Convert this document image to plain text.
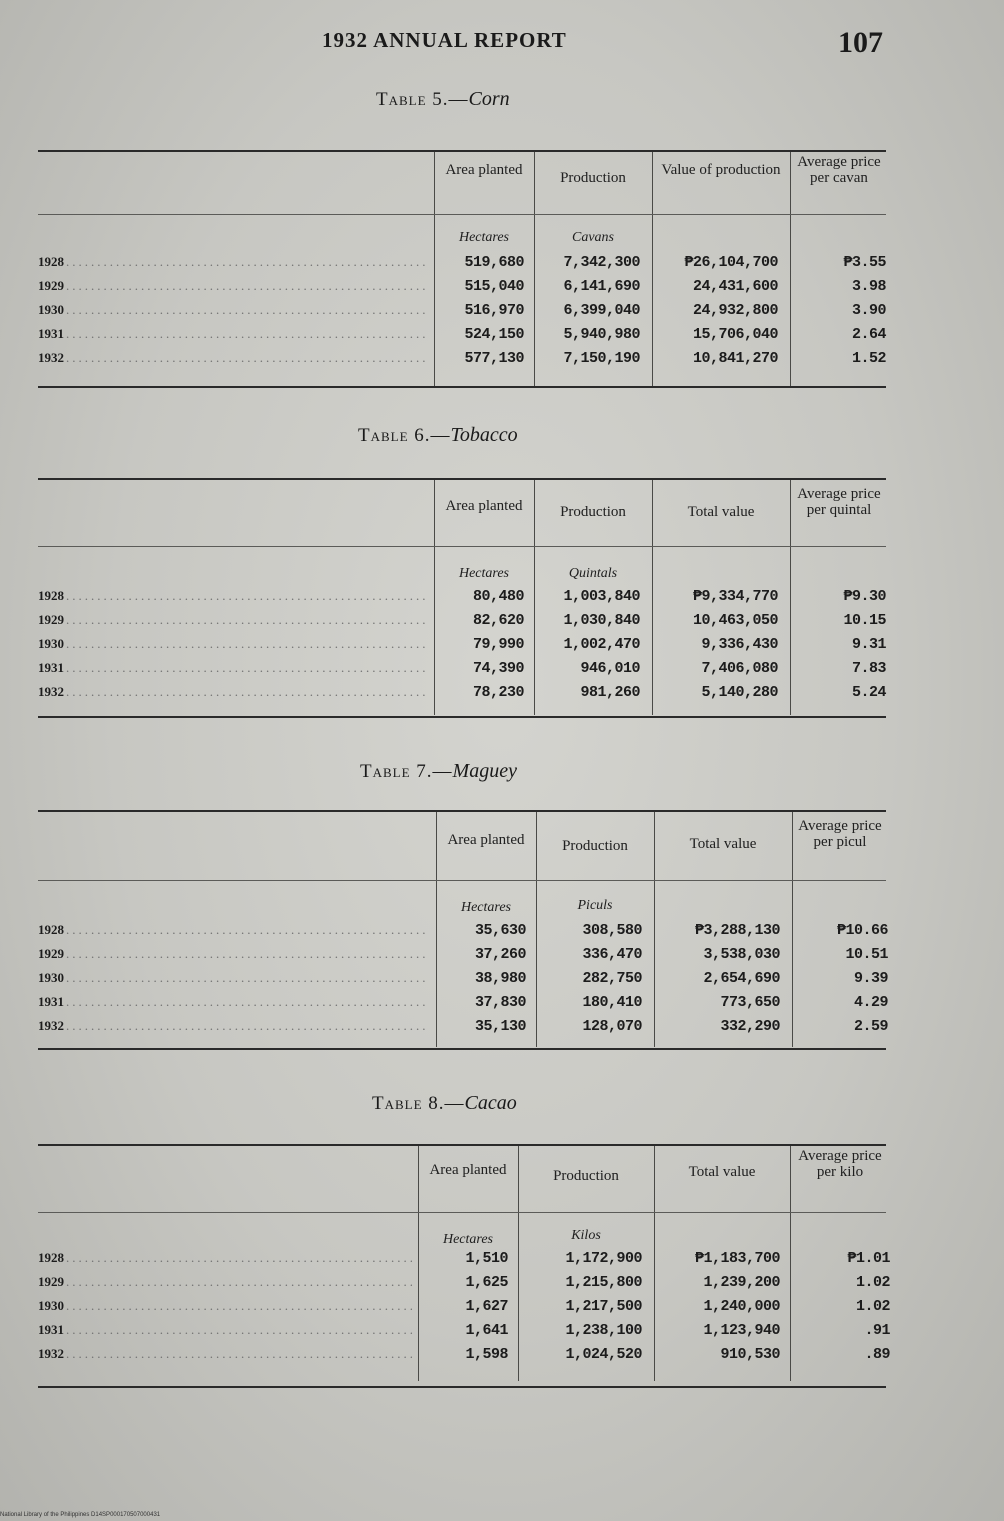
1932 ANNUAL REPORT	107
Table 5.—Corn
Area planted	Production	Value of production	Average price per cavan
Hectares	Cavans
1928 .....	519,680	7,342,300	₱26,104,700	₱3.55
1929 .....	515,040	6,141,690	24,431,600	3.98
1930 .....	516,970	6,399,040	24,932,800	3.90
1931 .....	524,150	5,940,980	15,706,040	2.64
1932 .....	577,130	7,150,190	10,841,270	1.52
Table 6.—Tobacco
Area planted	Production	Total value
Average price per quintal
Hectares	Quintals
1928 .....	80,480	1,003,840	₱9,334,770	₱9.30
1929 .....	82,620	1,030,840	10,463,050	10.15
1930 .....	79,990	1,002,470	9,336,430	9.31
1931 .....	74,390	946,010	7,406,080	7.83
1932 .....	78,230	981,260	5,140,280	5.24
Table 7.—Maguey
Area planted	Production	Total value
Average price per picul
Hectares	Piculs
1928 .....	35,630	308,580	₱3,288,130	₱10.66
1929 .....	37,260	336,470	3,538,030	10.51
1930 .....	38,980	282,750	2,654,690	9.39
1931 .....	37,830	180,410	773,650	4.29
1932 .....	35,130	128,070	332,290	2.59
Table 8.—Cacao
Area planted	Production	Total value
Average price per kilo
Hectares	Kilos
1928 .....	1,510	1,172,900	₱1,183,700	₱1.01
1929 .....	1,625	1,215,800	1,239,200	1.02
1930 .....	1,627	1,217,500	1,240,000	1.02
1931 .....	1,641	1,238,100	1,123,940	.91
1932 .....	1,598	1,024,520	910,530	.89
National Library of the Philippines D14SP000170507000431
